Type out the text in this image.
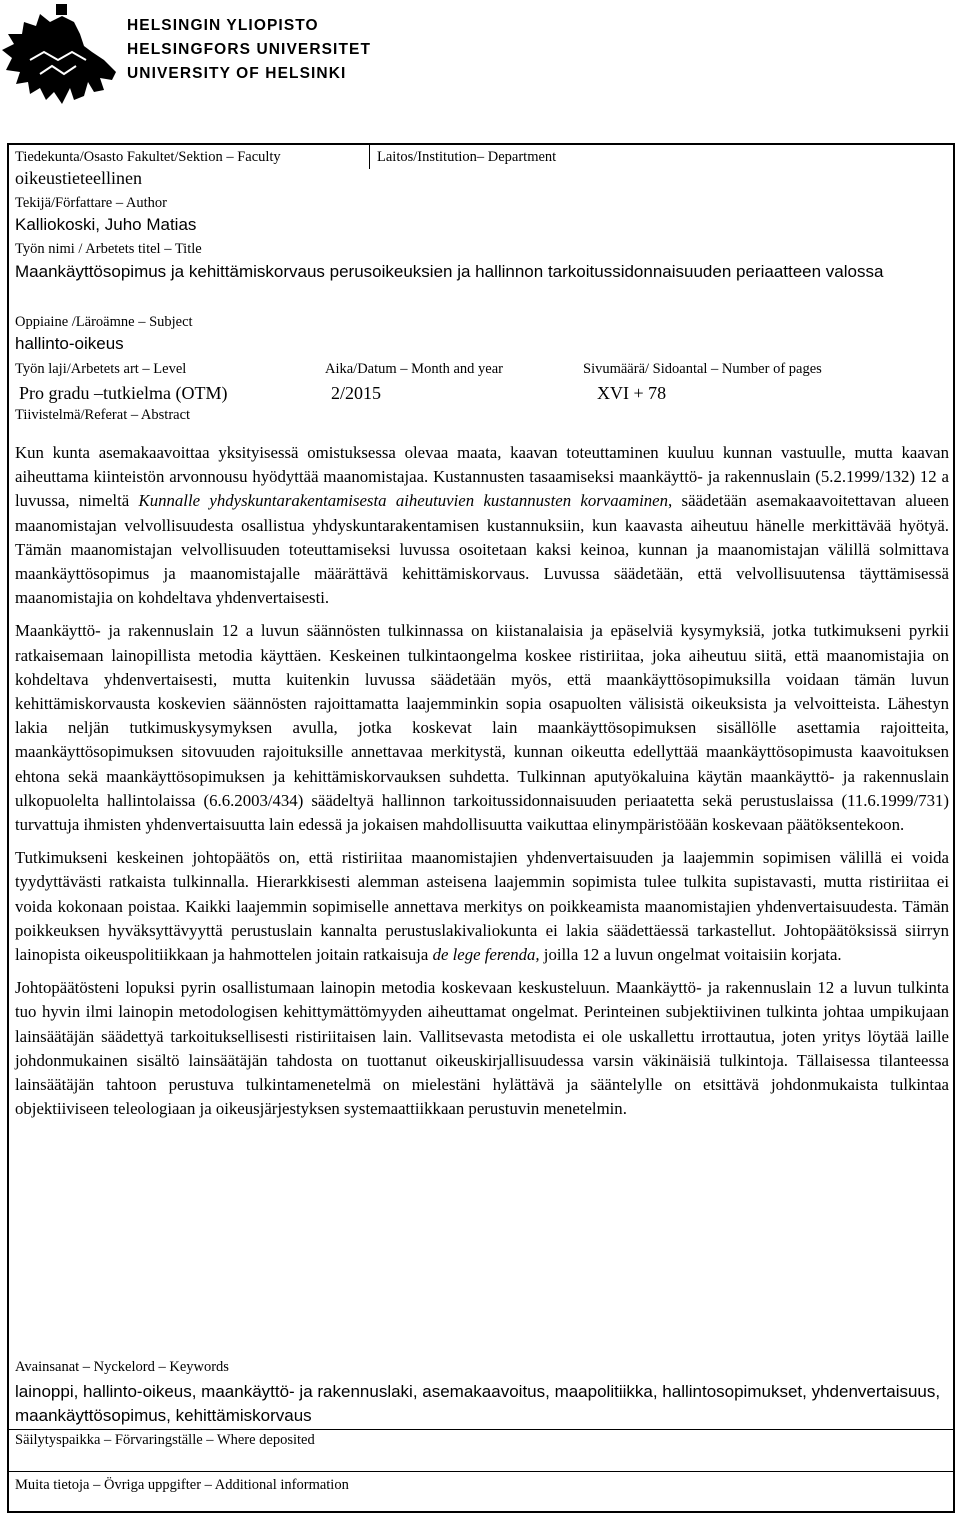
HELSINGIN YLIOPISTO
HELSINGFORS UNIVERSITET
UNIVERSITY OF HELSINKI
Tiedekunta/Osasto Fakultet/Sektion – Faculty	Laitos/Institution– Department
oikeustieteellinen
Tekijä/Författare – Author
Kalliokoski, Juho Matias
Työn nimi / Arbetets titel – Title
Maankäyttösopimus ja kehittämiskorvaus perusoikeuksien ja hallinnon tarkoitussidonnaisuuden periaatteen valossa
Oppiaine /Läroämne – Subject
hallinto-oikeus
Työn laji/Arbetets art – Level	Aika/Datum – Month and year	Sivumäärä/ Sidoantal – Number of pages
Pro gradu –tutkielma (OTM)	2/2015	XVI + 78
Tiivistelmä/Referat – Abstract

Kun kunta asemakaavoittaa yksityisessä omistuksessa olevaa maata, kaavan toteuttaminen kuuluu kunnan vastuulle, mutta kaavan aiheuttama kiinteistön arvonnousu hyödyttää maanomistajaa. Kustannusten tasaamiseksi maankäyttö- ja rakennuslain (5.2.1999/132) 12 a luvussa, nimeltä Kunnalle yhdyskuntarakentamisesta aiheutuvien kustannusten korvaaminen, säädetään asemakaavoitettavan alueen maanomistajan velvollisuudesta osallistua yhdyskuntarakentamisen kustannuksiin, kun kaavasta aiheutuu hänelle merkittävää hyötyä. Tämän maanomistajan velvollisuuden toteuttamiseksi luvussa osoitetaan kaksi keinoa, kunnan ja maanomistajan välillä solmittava maankäyttösopimus ja maanomistajalle määrättävä kehittämiskorvaus. Luvussa säädetään, että velvollisuutensa täyttämisessä maanomistajia on kohdeltava yhdenvertaisesti.

Maankäyttö- ja rakennuslain 12 a luvun säännösten tulkinnassa on kiistanalaisia ja epäselviä kysymyksiä, jotka tutkimukseni pyrkii ratkaisemaan lainopillista metodia käyttäen. Keskeinen tulkintaongelma koskee ristiriitaa, joka aiheutuu siitä, että maanomistajia on kohdeltava yhdenvertaisesti, mutta kuitenkin luvussa säädetään myös, että maankäyttösopimuksilla voidaan tämän luvun kehittämiskorvausta koskevien säännösten rajoittamatta laajemminkin sopia osapuolten välisistä oikeuksista ja velvoitteista. Lähestyn lakia neljän tutkimuskysymyksen avulla, jotka koskevat lain maankäyttösopimuksen sisällölle asettamia rajoitteita, maankäyttösopimuksen sitovuuden rajoituksille annettavaa merkitystä, kunnan oikeutta edellyttää maankäyttösopimusta kaavoituksen ehtona sekä maankäyttösopimuksen ja kehittämiskorvauksen suhdetta. Tulkinnan aputyökaluina käytän maankäyttö- ja rakennuslain ulkopuolelta hallintolaissa (6.6.2003/434) säädeltyä hallinnon tarkoitussidonnaisuuden periaatetta sekä perustuslaissa (11.6.1999/731) turvattuja ihmisten yhdenvertaisuutta lain edessä ja jokaisen mahdollisuutta vaikuttaa elinympäristöään koskevaan päätöksentekoon.

Tutkimukseni keskeinen johtopäätös on, että ristiriitaa maanomistajien yhdenvertaisuuden ja laajemmin sopimisen välillä ei voida tyydyttävästi ratkaista tulkinnalla. Hierarkkisesti alemman asteisena laajemmin sopimista tulee tulkita supistavasti, mutta ristiriitaa ei voida kokonaan poistaa. Kaikki laajemmin sopimiselle annettava merkitys on poikkeamista maanomistajien yhdenvertaisuudesta. Tämän poikkeuksen hyväksyttävyyttä perustuslain kannalta perustuslakivaliokunta ei lakia säädettäessä tarkastellut. Johtopäätöksissä siirryn lainopista oikeuspolitiikkaan ja hahmottelen joitain ratkaisuja de lege ferenda, joilla 12 a luvun ongelmat voitaisiin korjata.

Johtopäätösteni lopuksi pyrin osallistumaan lainopin metodia koskevaan keskusteluun. Maankäyttö- ja rakennuslain 12 a luvun tulkinta tuo hyvin ilmi lainopin metodologisen kehittymättömyyden aiheuttamat ongelmat. Perinteinen subjektiivinen tulkinta johtaa umpikujaan lainsäätäjän säädettyä tarkoituksellisesti ristiriitaisen lain. Vallitsevasta metodista ei ole uskallettu irrottautua, joten yritys löytää laille johdonmukainen sisältö lainsäätäjän tahdosta on tuottanut oikeuskirjallisuudessa varsin väkinäisiä tulkintoja. Tällaisessa tilanteessa lainsäätäjän tahtoon perustuva tulkintamenetelmä on mielestäni hylättävä ja sääntelylle on etsittävä johdonmukaista tulkintaa objektiiviseen teleologiaan ja oikeusjärjestyksen systemaattiikkaan perustuvin menetelmin.

Avainsanat – Nyckelord – Keywords
lainoppi, hallinto-oikeus, maankäyttö- ja rakennuslaki, asemakaavoitus, maapolitiikka, hallintosopimukset, yhdenvertaisuus, maankäyttösopimus, kehittämiskorvaus
Säilytyspaikka – Förvaringställe – Where deposited
Muita tietoja – Övriga uppgifter – Additional information
